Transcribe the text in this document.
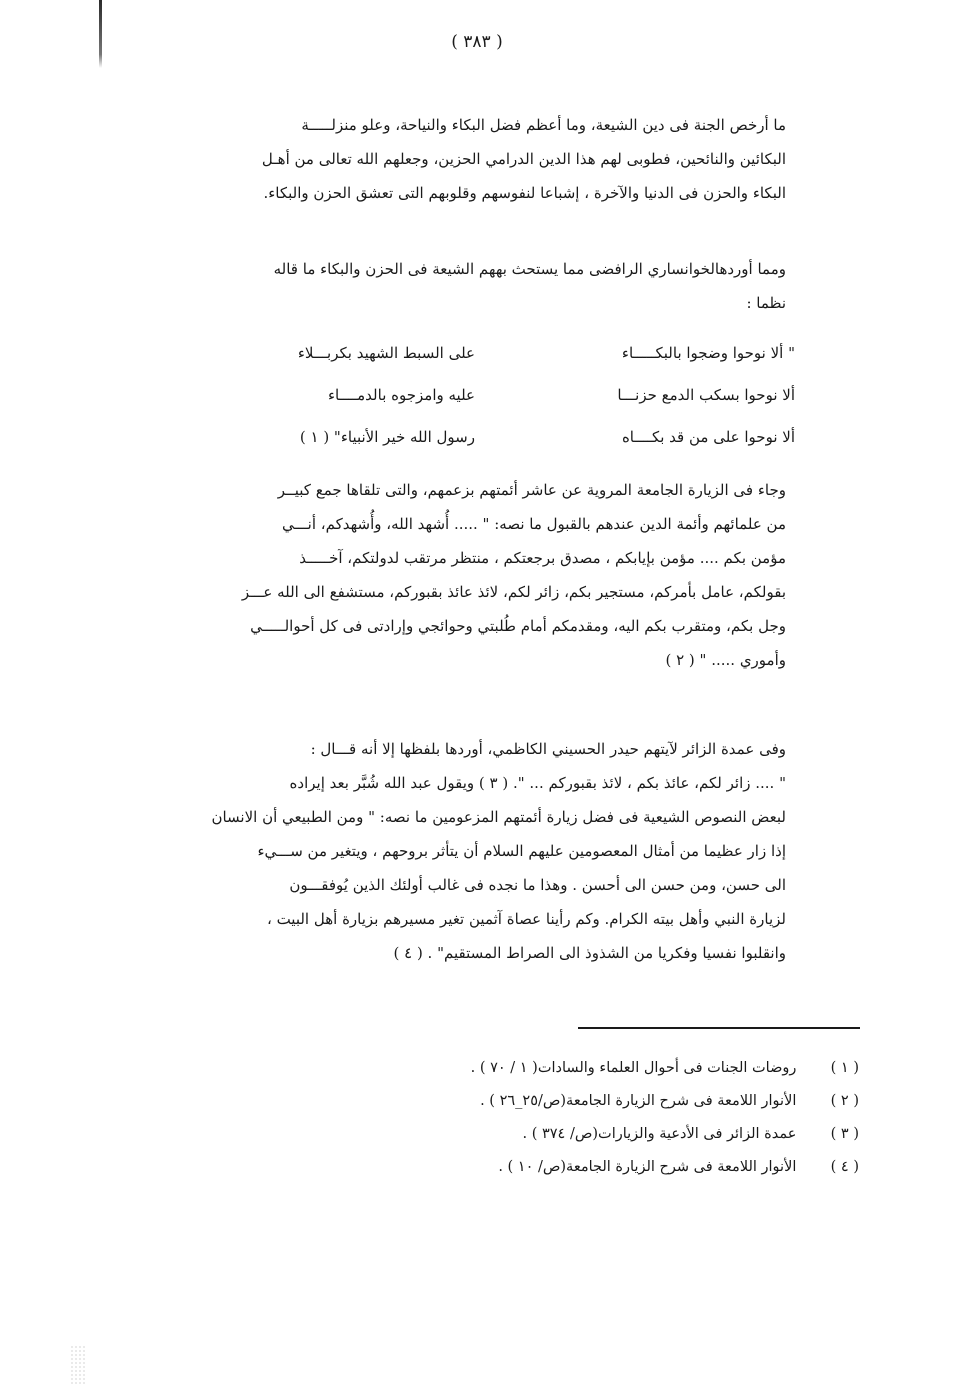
( ٣٨٣ )
ما أرخص الجنة فى دين الشيعة، وما أعظم فضل البكاء والنياحة، وعلو منزلـــــة
البكائين والنائحين، فطوبى لهم هذا الدين الدرامي الحزين، وجعلهم الله تعالى من أهـل
البكاء والحزن فى الدنيا والآخرة ، إشباعا لنفوسهم وقلوبهم التى تعشق الحزن والبكاء.
ومما أوردهالخوانساري الرافضى مما يستحث بههم الشيعة فى الحزن والبكاء ما قاله
نظما :
" ألا نوحوا وضجوا بالبكـــــاء
على السبط الشهيد بكربـــلاء
ألا نوحوا بسكب الدمع حزنـــا
عليه وامزجوه بالدمــــاء
ألا نوحوا على من قد بكــــاه
رسول الله خير الأنبياء" ( ١ )
وجاء فى الزيارة الجامعة المروية عن عاشر أئمتهم بزعمهم، والتى تلقاها جمع كبيــر
من علمائهم وأئمة الدين عندهم بالقبول ما نصه: " ..... أُشهد الله، وأُشهدكم، أنـــي
مؤمن بكم .... مؤمن بإيابكم ، مصدق برجعتكم ، منتظر مرتقب لدولتكم، آخـــــذ
بقولكم، عامل بأمركم، مستجير بكم، زائر لكم، لائذ عائذ بقبوركم، مستشفع الى الله عـــز
وجل بكم، ومتقرب بكم اليه، ومقدمكم أمام طُلبتي وحوائجي وإرادتى فى كل أحوالـــــي
وأموري ..... " ( ٢ )
وفى عمدة الزائر لآيتهم حيدر الحسيني الكاظمي، أوردها بلفظها إلا أنه قـــال :
" .... زائر لكم، عائذ بكم ، لائذ بقبوركم ... ". ( ٣ ) ويقول عبد الله شُبَّر بعد إيراده
لبعض النصوص الشيعية فى فضل زيارة أئمتهم المزعومين ما نصه: " ومن الطبيعي أن الانسان
إذا زار عظيما من أمثال المعصومين عليهم السلام أن يتأثر بروحهم ، ويتغير من ســـيء
الى حسن، ومن حسن الى أحسن . وهذا ما نجده فى غالب أولئك الذين يُوفقـــون
لزيارة النبي وأهل بيته الكرام. وكم رأينا عصاة آثمين تغير مسيرهم بزيارة أهل البيت ،
وانقلبوا نفسيا وفكريا من الشذوذ الى الصراط المستقيم" . ( ٤ )
( ١ ) روضات الجنات فى أحوال العلماء والسادات( ١ / ٧٠ ) .
( ٢ ) الأنوار اللامعة فى شرح الزيارة الجامعة(ص/٢٥_٢٦ ) .
( ٣ ) عمدة الزائر فى الأدعية والزيارات(ص/ ٣٧٤ ) .
( ٤ ) الأنوار اللامعة فى شرح الزيارة الجامعة(ص/ ١٠ ) .
